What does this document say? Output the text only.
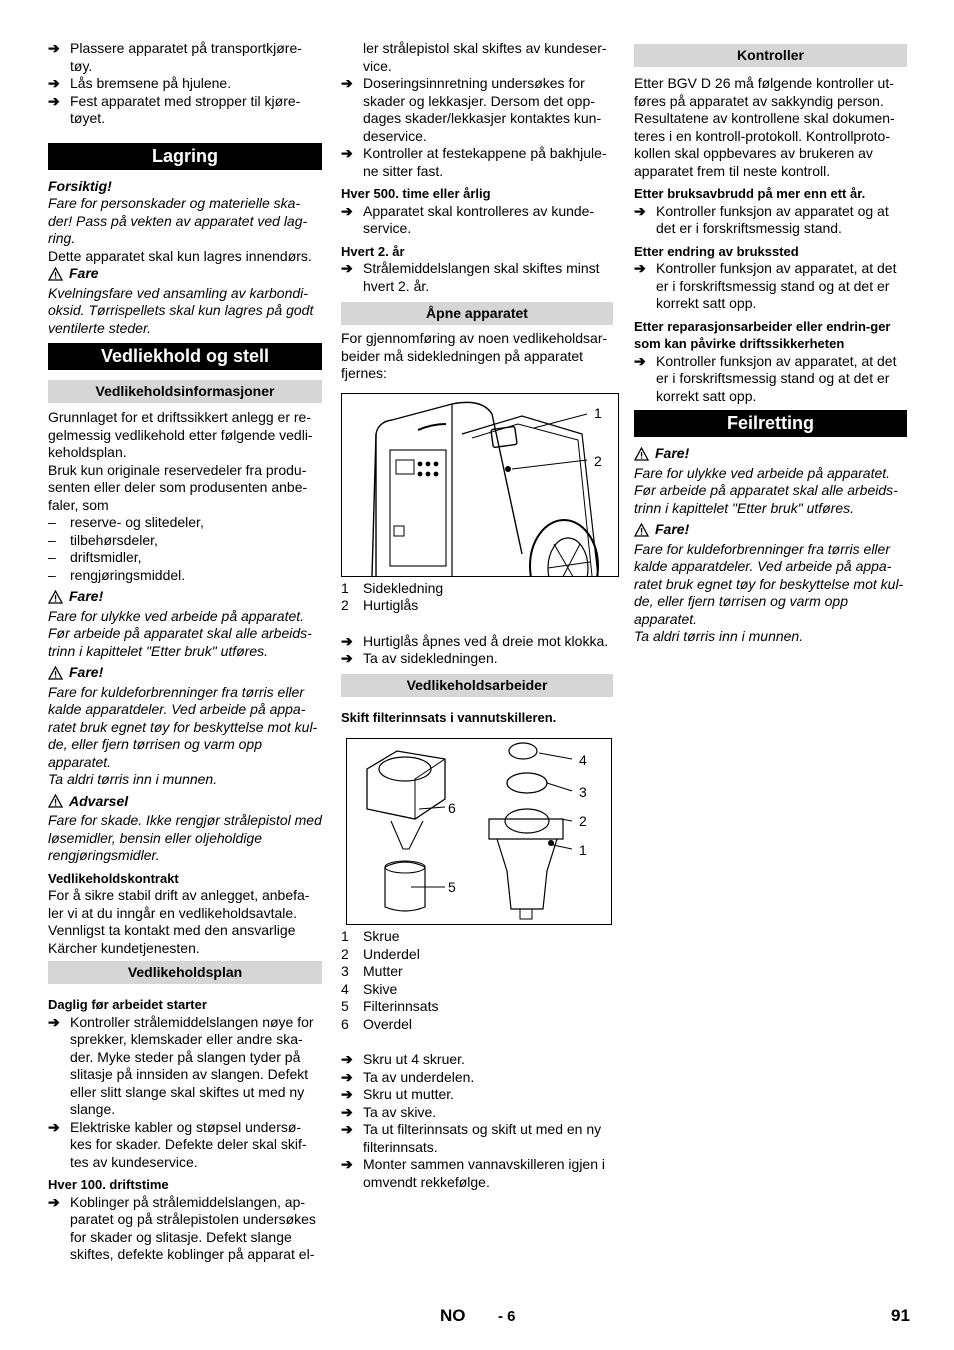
➔ Plassere apparatet på transportkjøre-tøy.
➔ Lås bremsene på hjulene.
➔ Fest apparatet med stropper til kjøre-tøyet.
Lagring

Forsiktig!

Fare for personskader og materielle ska-der! Pass på vekten av apparatet ved lag-ring.

Dette apparatet skal kun lagres innendørs.

Fare

Kvelningsfare ved ansamling av karbondi-oksid. Tørrispellets skal kun lagres på godt ventilerte steder.

Vedliekhold og stell
Vedlikeholdsinformasjoner

Grunnlaget for et driftssikkert anlegg er re-gelmessig vedlikehold etter følgende vedli-keholdsplan.

Bruk kun originale reservedeler fra produ-senten eller deler som produsenten anbe-faler, som

– reserve- og slitedeler,
– tilbehørsdeler,
– driftsmidler,
– rengjøringsmiddel.
Fare!

Fare for ulykke ved arbeide på apparatet. Før arbeide på apparatet skal alle arbeids-trinn i kapittelet "Etter bruk" utføres.

Fare!

Fare for kuldeforbrenninger fra tørris eller kalde apparatdeler. Ved arbeide på appa-ratet bruk egnet tøy for beskyttelse mot kul-de, eller fjern tørrisen og varm opp apparatet.

Ta aldri tørris inn i munnen.

Advarsel

Fare for skade. Ikke rengjør strålepistol med løsemidler, bensin eller oljeholdige rengjøringsmidler.

Vedlikeholdskontrakt

For å sikre stabil drift av anlegget, anbefa-ler vi at du inngår en vedlikeholdsavtale. Vennligst ta kontakt med den ansvarlige Kärcher kundetjenesten.

Vedlikeholdsplan

Daglig før arbeidet starter

➔ Kontroller strålemiddelslangen nøye for sprekker, klemskader eller andre ska-der. Myke steder på slangen tyder på slitasje på innsiden av slangen. Defekt eller slitt slange skal skiftes ut med ny slange.
➔ Elektriske kabler og støpsel undersø-kes for skader. Defekte deler skal skif-tes av kundeservice.

Hver 100. driftstime

➔ Koblinger på strålemiddelslangen, ap-paratet og på strålepistolen undersøkes for skader og slitasje. Defekt slange skiftes, defekte koblinger på apparat el-

ler strålepistol skal skiftes av kundeser-vice.

➔ Doseringsinnretning undersøkes for skader og lekkasjer. Dersom det opp-dages skader/lekkasjer kontaktes kun-deservice.
➔ Kontroller at festekappene på bakhjule-ne sitter fast.

Hver 500. time eller årlig

➔ Apparatet skal kontrolleres av kunde-service.

Hvert 2. år

➔ Strålemiddelslangen skal skiftes minst hvert 2. år.
Åpne apparatet

For gjennomføring av noen vedlikeholdsar-beider må sidekledningen på apparatet fjernes:

1
2
1 Sidekledning
2 Hurtiglås
➔ Hurtiglås åpnes ved å dreie mot klokka.
➔ Ta av sidekledningen.
Vedlikeholdsarbeider

Skift filterinnsats i vannutskilleren.

4
3
2
1
6
5
1 Skrue
2 Underdel
3 Mutter
4 Skive
5 Filterinnsats
6 Overdel
➔ Skru ut 4 skruer.
➔ Ta av underdelen.
➔ Skru ut mutter.
➔ Ta av skive.
➔ Ta ut filterinnsats og skift ut med en ny filterinnsats.
➔ Monter sammen vannavskilleren igjen i omvendt rekkefølge.
Kontroller

Etter BGV D 26 må følgende kontroller ut-føres på apparatet av sakkyndig person. Resultatene av kontrollene skal dokumen-teres i en kontroll-protokoll. Kontrollproto-kollen skal oppbevares av brukeren av apparatet frem til neste kontroll.

Etter bruksavbrudd på mer enn ett år.

➔ Kontroller funksjon av apparatet og at det er i forskriftsmessig stand.

Etter endring av brukssted

➔ Kontroller funksjon av apparatet, at det er i forskriftsmessig stand og at det er korrekt satt opp.

Etter reparasjonsarbeider eller endrin-ger som kan påvirke driftssikkerheten

➔ Kontroller funksjon av apparatet, at det er i forskriftsmessig stand og at det er korrekt satt opp.
Feilretting
Fare!

Fare for ulykke ved arbeide på apparatet. Før arbeide på apparatet skal alle arbeids-trinn i kapittelet "Etter bruk" utføres.

Fare!

Fare for kuldeforbrenninger fra tørris eller kalde apparatdeler. Ved arbeide på appa-ratet bruk egnet tøy for beskyttelse mot kul-de, eller fjern tørrisen og varm opp apparatet.

Ta aldri tørris inn i munnen.

NO - 6	91
